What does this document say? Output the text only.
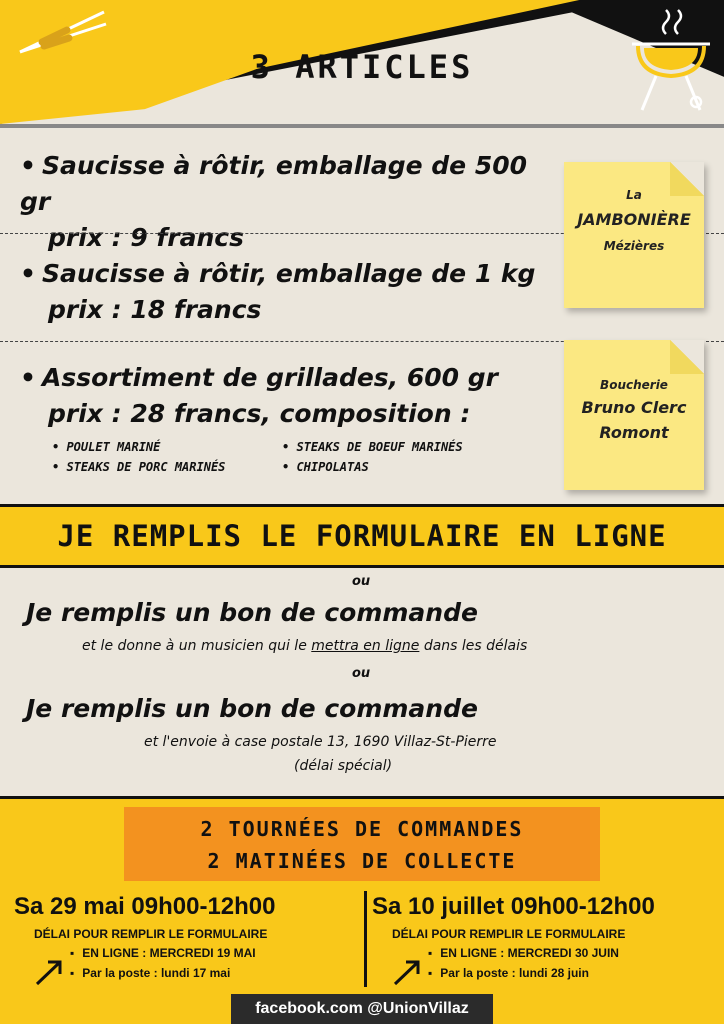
3 ARTICLES
• Saucisse à rôtir, emballage de 500 gr
prix : 9 francs
• Saucisse à rôtir, emballage de 1 kg
prix : 18 francs
• Assortiment de grillades, 600 gr
prix : 28 francs, composition :
• POULET MARINÉ	• STEAKS DE BOEUF MARINÉS
• STEAKS DE PORC MARINÉS	• CHIPOLATAS
La
JAMBONIÈRE
Mézières
Boucherie
Bruno Clerc
Romont
JE REMPLIS LE FORMULAIRE EN LIGNE
ou
Je remplis un bon de commande
et le donne à un musicien qui le mettra en ligne dans les délais
ou
Je remplis un bon de commande
et l'envoie à case postale 13, 1690 Villaz-St-Pierre
(délai spécial)
2 TOURNÉES DE COMMANDES
2 MATINÉES DE COLLECTE
Sa 29 mai 09h00-12h00
DÉLAI POUR REMPLIR LE FORMULAIRE
▪ EN LIGNE : MERCREDI 19 MAI
▪ Par la poste : lundi 17 mai
Sa 10 juillet 09h00-12h00
DÉLAI POUR REMPLIR LE FORMULAIRE
▪ EN LIGNE : MERCREDI 30 JUIN
▪ Par la poste : lundi 28 juin
facebook.com @UnionVillaz
